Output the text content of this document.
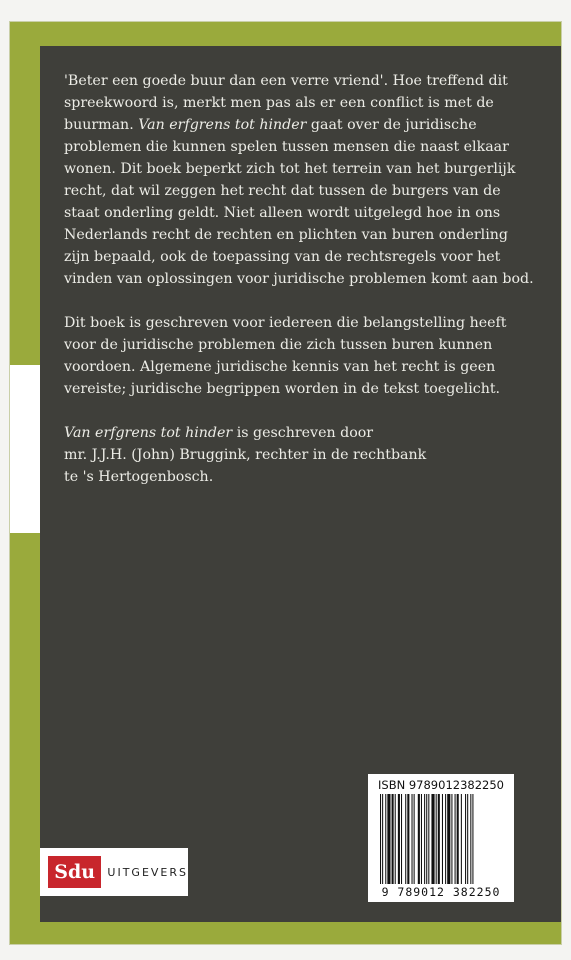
'Beter een goede buur dan een verre vriend'. Hoe treffend dit spreekwoord is, merkt men pas als er een conflict is met de buurman. Van erfgrens tot hinder gaat over de juridische problemen die kunnen spelen tussen mensen die naast elkaar wonen. Dit boek beperkt zich tot het terrein van het burgerlijk recht, dat wil zeggen het recht dat tussen de burgers van de staat onderling geldt. Niet alleen wordt uitgelegd hoe in ons Nederlands recht de rechten en plichten van buren onderling zijn bepaald, ook de toepassing van de rechtsregels voor het vinden van oplossingen voor juridische problemen komt aan bod.

Dit boek is geschreven voor iedereen die belangstelling heeft voor de juridische problemen die zich tussen buren kunnen voordoen. Algemene juridische kennis van het recht is geen vereiste; juridische begrippen worden in de tekst toegelicht.

Van erfgrens tot hinder is geschreven door
mr. J.J.H. (John) Bruggink, rechter in de rechtbank
te 's Hertogenbosch.

Sdu	UITGEVERS
ISBN 9789012382250
9 789012 382250
